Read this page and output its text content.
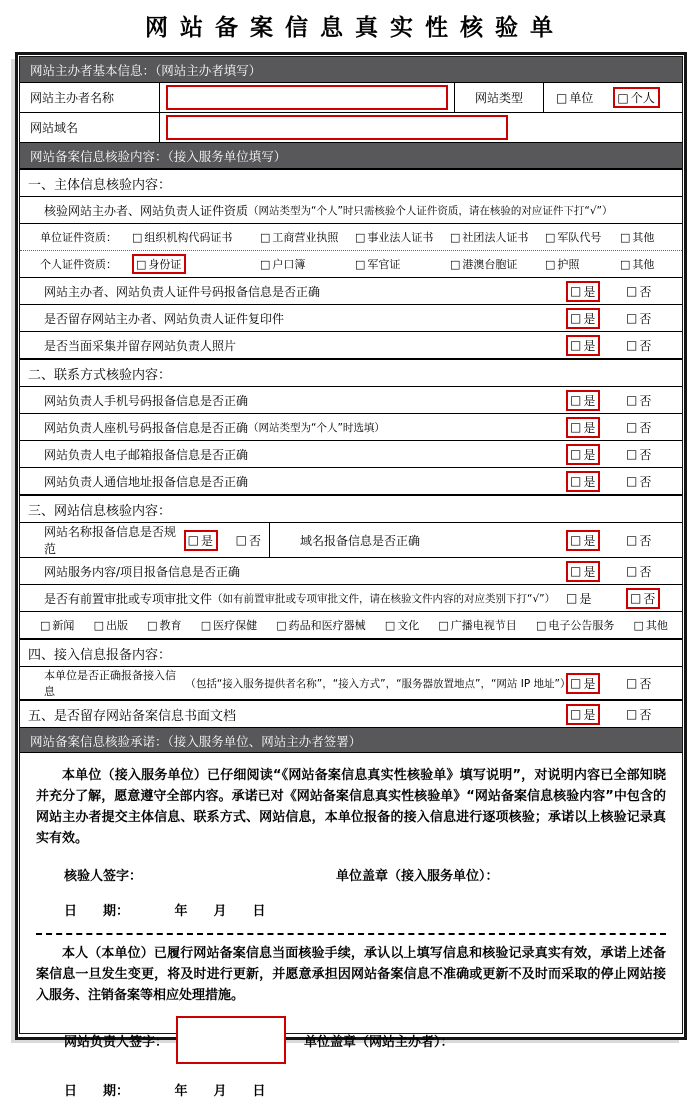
网 站 备 案 信 息 真 实 性 核 验 单
网站主办者基本信息：（网站主办者填写）
网站主办者名称	网站类型	□ 单位 □ 个人
网站域名
网站备案信息核验内容：（接入服务单位填写）
一、主体信息核验内容：
核验网站主办者、网站负责人证件资质 （网站类型为“个人”时只需核验个人证件资质，请在核验的对应证件下打“√”）
单位证件资质：	□ 组织机构代码证书	□ 工商营业执照 □ 事业法人证书 □ 社团法人证书 □ 军队代号 □ 其他
个人证件资质：	□ 身份证	□ 户口簿	□ 军官证	□ 港澳台胞证	□ 护照	□ 其他
网站主办者、网站负责人证件号码报备信息是否正确	□ 是	□ 否
是否留存网站主办者、网站负责人证件复印件	□ 是	□ 否
是否当面采集并留存网站负责人照片	□ 是	□ 否
二、联系方式核验内容：
网站负责人手机号码报备信息是否正确	□ 是	□ 否
网站负责人座机号码报备信息是否正确 （网站类型为“个人”时选填）	□ 是	□ 否
网站负责人电子邮箱报备信息是否正确	□ 是	□ 否
网站负责人通信地址报备信息是否正确	□ 是	□ 否
三、网站信息核验内容：
网站名称报备信息是否规范
□ 是 □ 否	域名报备信息是否正确	□ 是	□ 否
网站服务内容/项目报备信息是否正确	□ 是	□ 否
是否有前置审批或专项审批文件 （如有前置审批或专项审批文件，请在核验文件内容的对应类别下打“√”） □ 是	□ 否
□ 新闻 □ 出版 □ 教育 □ 医疗保健 □ 药品和医疗器械 □ 文化 □ 广播电视节目 □ 电子公告服务 □ 其他
四、接入信息报备内容：
本单位是否正确报备接入信息
（包括“接入服务提供者名称”，“接入方式”，“服务器放置地点”，“网站 IP 地址”） □ 是	□ 否
五、是否留存网站备案信息书面文档	□ 是	□ 否
网站备案信息核验承诺：（接入服务单位、网站主办者签署）
本单位（接入服务单位）已仔细阅读“《网站备案信息真实性核验单》填写说明”，对说明内容已全部知晓并充分了解，愿意遵守全部内容。承诺已对《网站备案信息真实性核验单》“网站备案信息核验内容”中包含的网站主办者提交主体信息、联系方式、网站信息，本单位报备的接入信息进行逐项核验；承诺以上核验记录真实有效。
核验人签字：	单位盖章（接入服务单位）：
日　　期：　　　　年　　月　　日
本人（本单位）已履行网站备案信息当面核验手续，承认以上填写信息和核验记录真实有效，承诺上述备案信息一旦发生变更，将及时进行更新，并愿意承担因网站备案信息不准确或更新不及时而采取的停止网站接入服务、注销备案等相应处理措施。
网站负责人签字：	单位盖章（网站主办者）：
日　　期：　　　　年　　月　　日
